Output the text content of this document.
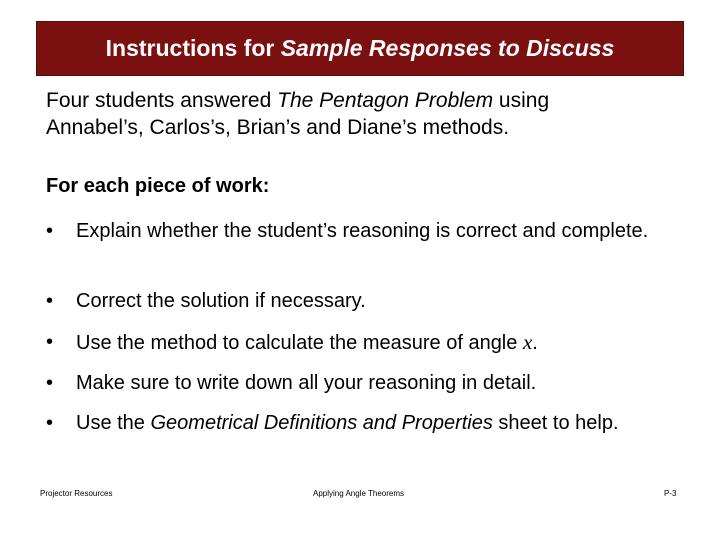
Instructions for Sample Responses to Discuss
Four students answered The Pentagon Problem using
Annabel’s, Carlos’s, Brian’s and Diane’s methods.
For each piece of work:
•	Explain whether the student’s reasoning is correct and complete.
•	Correct the solution if necessary.
•	Use the method to calculate the measure of angle x.
•	Make sure to write down all your reasoning in detail.
•	Use the Geometrical Definitions and Properties sheet to help.
Projector Resources	Applying Angle Theorems	P-3
